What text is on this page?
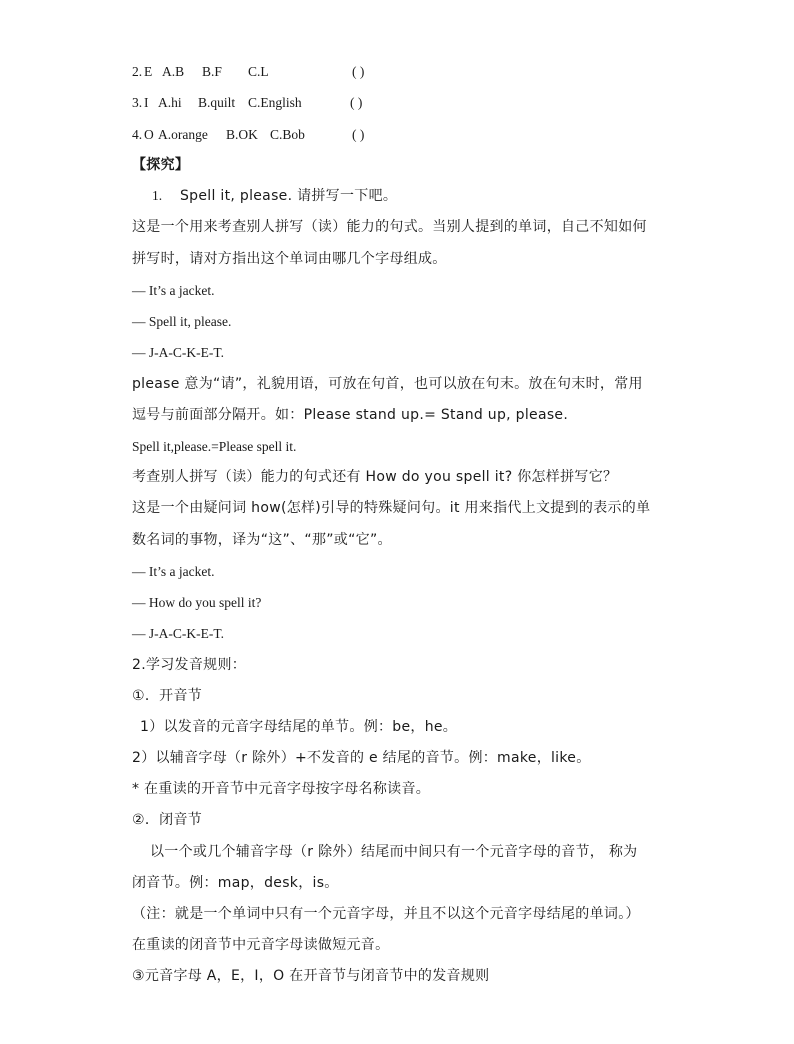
2. E A.B B.F C.L	( )
3. I A.hi B.quilt C.English	( )
4. O A.orange B.OK C.Bob	( )
【探究】
1. Spell it, please. 请拼写一下吧。
这是一个用来考查别人拼写（读）能力的句式。当别人提到的单词，自己不知如何
拼写时，请对方指出这个单词由哪几个字母组成。
— It’s a jacket.
— Spell it, please.
— J-A-C-K-E-T.
please 意为“请”，礼貌用语，可放在句首，也可以放在句末。放在句末时，常用
逗号与前面部分隔开。如：Please stand up.= Stand up, please.
Spell it,please.=Please spell it.
考查别人拼写（读）能力的句式还有 How do you spell it? 你怎样拼写它？
这是一个由疑问词 how(怎样)引导的特殊疑问句。it 用来指代上文提到的表示的单
数名词的事物，译为“这”、“那”或“它”。
— It’s a jacket.
— How do you spell it?
— J-A-C-K-E-T.
2.学习发音规则：
①．开音节
1）以发音的元音字母结尾的单节。例：be，he。
2）以辅音字母（r 除外）+不发音的 e 结尾的音节。例：make，like。
* 在重读的开音节中元音字母按字母名称读音。
②．闭音节
以一个或几个辅音字母（r 除外）结尾而中间只有一个元音字母的音节， 称为
闭音节。例：map，desk，is。
（注：就是一个单词中只有一个元音字母，并且不以这个元音字母结尾的单词。）
在重读的闭音节中元音字母读做短元音。
③元音字母 A，E，I，O 在开音节与闭音节中的发音规则
